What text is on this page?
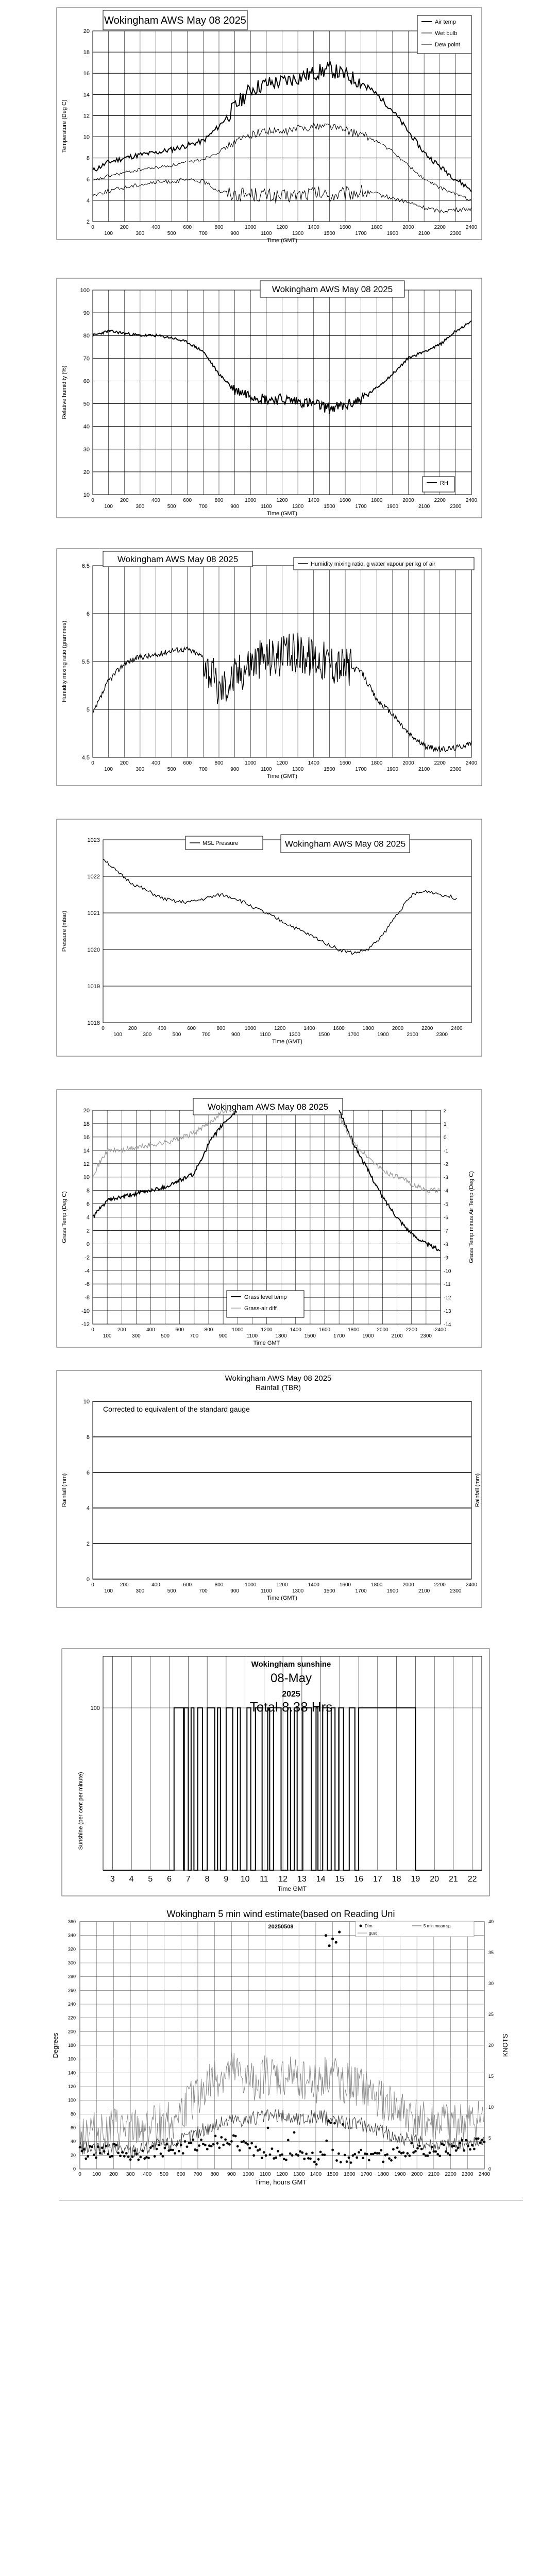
2
4
6
8
10
12
14
16
18
20
0	200	400	600	800	1000	1200	1400	1600	1800	2000	2200	2400
100	300	500	700	900	1100	1300	1500	1700	1900	2100	2300
Time (GMT)
Temperature (Deg C)
Wokingham AWS May 08 2025	Air temp
Wet bulb
Dew point
10
20
30
40
50
60
70
80
90
100
0	200	400	600	800	1000	1200	1400	1600	1800	2000	2200	2400
100	300	500	700	900	1100	1300	1500	1700	1900	2100	2300
Time (GMT)
Relative humidity (%)
Wokingham AWS May 08 2025
RH
4.5
5
5.5
6
6.5
0	200	400	600	800	1000	1200	1400	1600	1800	2000	2200	2400
100	300	500	700	900	1100	1300	1500	1700	1900	2100	2300
Time (GMT)
Humidity mixing ratio (grammes)
Wokingham AWS May 08 2025	Humidity mixing ratio, g water vapour per kg of air
1018
1019
1020
1021
1022
1023
0	200	400	600	800	1000	1200	1400	1600	1800	2000	2200	2400
100	300	500	700	900	1100	1300	1500	1700	1900	2100	2300
Time (GMT)
Pressure (mbar)
Wokingham AWS May 08 2025
MSL Pressure
-12
-10
-8
-6
-4
-2
0
2
4
6
8
10
12
14
16
18
20
0	200	400	600	800	1000	1200	1400	1600	1800	2000	2200	2400
100	300	500	700	900	1100	1300	1500	1700	1900	2100	2300
Time GMT
Grass Temp (Deg C)
Wokingham AWS May 08 2025
-14
-13
-12
-11
-10
-9
-8
-7
-6
-5
-4
-3
-2
-1
0
1
2
Grass Temp minus Air Temp (Deg C)
Grass level temp
Grass-air diff
0
2
4
6
8
10
0	200	400	600	800	1000	1200	1400	1600	1800	2000	2200	2400
100	300	500	700	900	1100	1300	1500	1700	1900	2100	2300
Time (GMT)
Rainfall (mm)
Wokingham AWS May 08 2025
Rainfall (TBR)
Corrected to equivalent of the standard gauge
Rainfall (mm)
3 4 5 6 7 8 9 10 11 12 13 14 15 16 17 18 19 20 21 22
100
Sunshine (per cent per minute)
Time GMT
Wokingham sunshine
08-May
2025
Total 8.38 Hrs
0
20
40
60
80
100
120
140
160
180
200
220
240
260
280
300
320
340
360
0
5
10
15
20
25
30
35
40
0	200	400	600	800	1000	1200	1400	1600	1800	2000	2200	2400
100	300	500	700	900	1100	1300	1500	1700	1900	2100	2300
Wokingham 5 min wind estimate(based on Reading Uni
20250508
Time, hours GMT
Degrees	KNOTS
Dirn	5 min mean sp
gust
